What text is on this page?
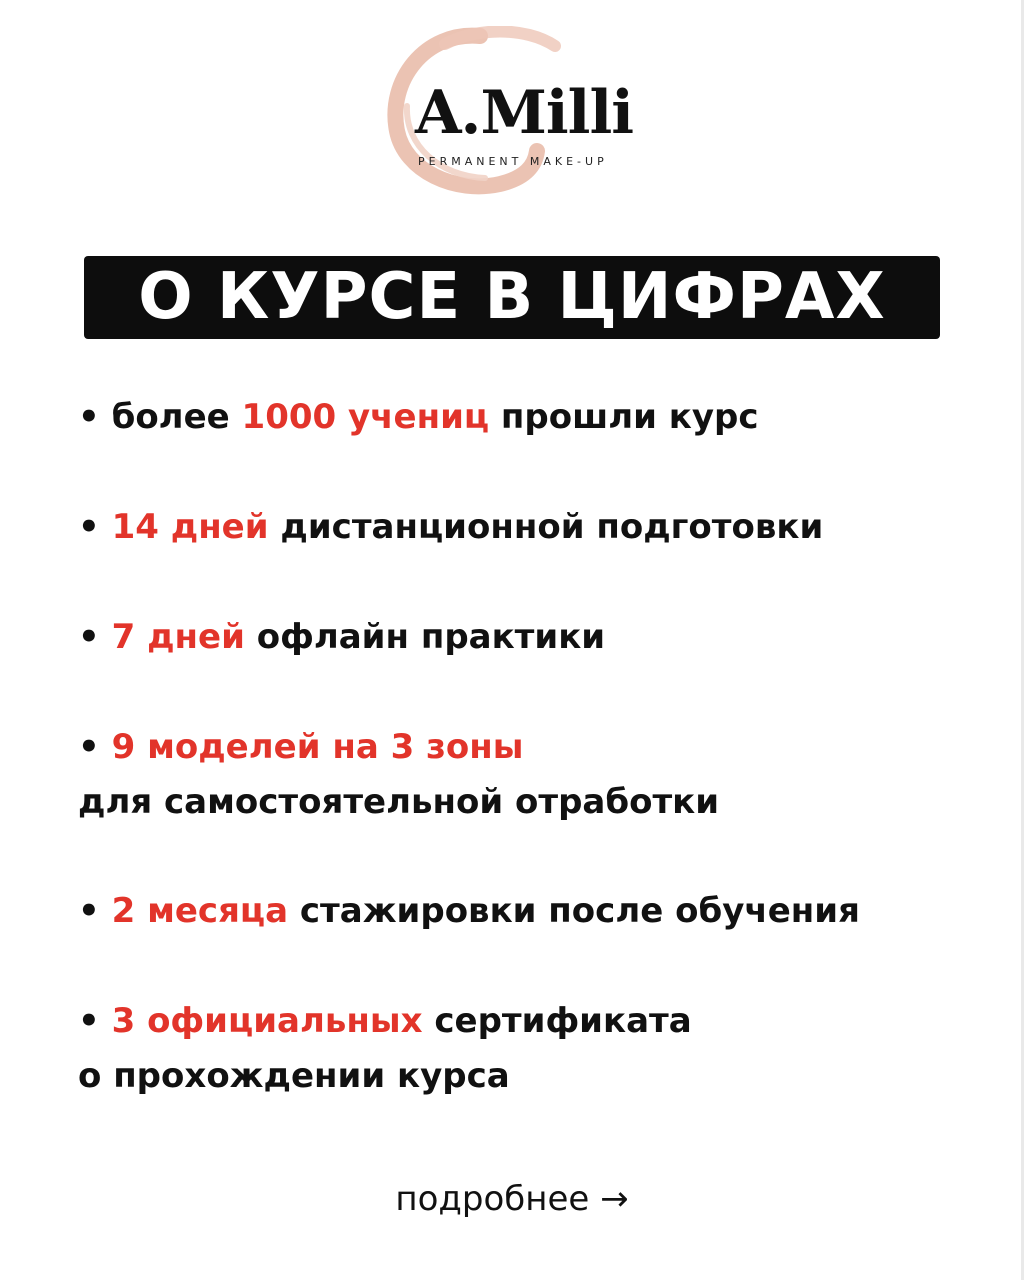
A.Milli
PERMANENT MAKE-UP
О КУРСЕ В ЦИФРАХ
• более 1000 учениц прошли курс
• 14 дней дистанционной подготовки
• 7 дней офлайн практики
• 9 моделей на 3 зоны
для самостоятельной отработки
• 2 месяца стажировки после обучения
• 3 официальных сертификата
о прохождении курса
подробнее →
